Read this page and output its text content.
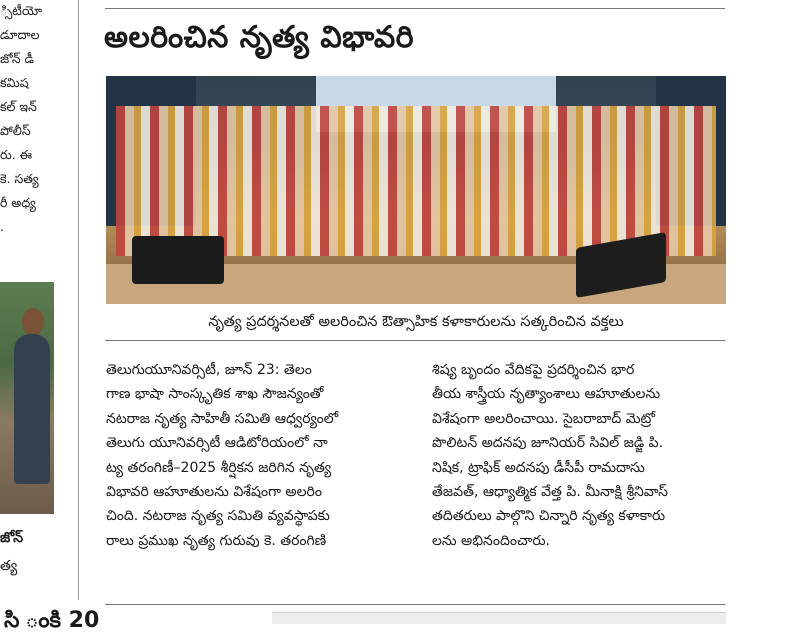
్సిటీయో
డూదాల
జోన్ డీ
కమిష
కల్ ఇన్
పోలీస్
రు. ఈ
కె. సత్య
రీ అధ్య
.
జోన్
త్య
అలరించిన నృత్య విభావరి
నృత్య ప్రదర్శనలతో అలరించిన ఔత్సాహిక కళాకారులను సత్కరించిన వక్తలు
తెలుగుయూనివర్సిటీ, జూన్ 23: తెలం
గాణ భాషా సాంస్కృతిక శాఖ సౌజన్యంతో
నటరాజ నృత్య సాహితీ సమితి ఆధ్వర్యంలో
తెలుగు యూనివర్సిటీ ఆడిటోరియంలో నా
ట్య తరంగిణీ–2025 శీర్షికన జరిగిన నృత్య
విభావరి ఆహూతులను విశేషంగా అలరిం
చింది. నటరాజ నృత్య సమితి వ్యవస్థాపకు
రాలు ప్రముఖ నృత్య గురువు కె. తరంగిణి
శిష్య బృందం వేదికపై ప్రదర్శించిన భార
తీయ శాస్త్రీయ నృత్యాంశాలు ఆహూతులను
విశేషంగా అలరించాయి. సైబరాబాద్ మెట్రో
పొలిటన్ అదనపు జూనియర్ సివిల్ జడ్జి పి.
నిషిక, ట్రాఫిక్ అదనపు డీసీపీ రామదాసు
తేజవత్, ఆధ్యాత్మిక వేత్త పి. మీనాక్షి శ్రీనివాస్
తదితరులు పాల్గొని చిన్నారి నృత్య కళాకారు
లను అభినందించారు.
సి ంకి 20
